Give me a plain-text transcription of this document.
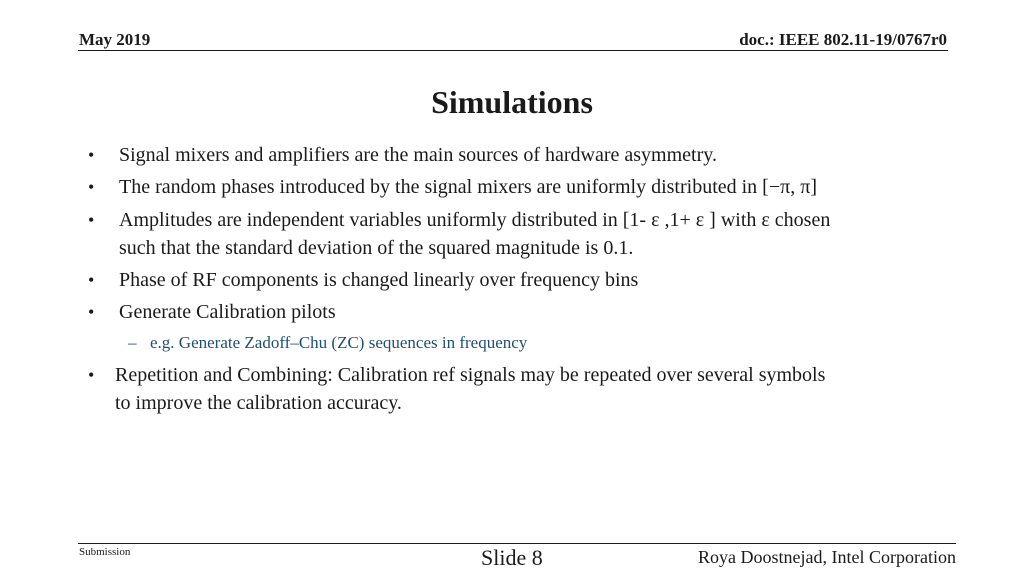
May 2019	doc.: IEEE 802.11-19/0767r0
Simulations
• Signal mixers and amplifiers are the main sources of hardware asymmetry.
• The random phases introduced by the signal mixers are uniformly distributed in [−π, π]
• Amplitudes are independent variables uniformly distributed in [1- ε ,1+ ε ] with ε chosen
such that the standard deviation of the squared magnitude is 0.1.
• Phase of RF components is changed linearly over frequency bins
• Generate Calibration pilots
– e.g. Generate Zadoff–Chu (ZC) sequences in frequency
• Repetition and Combining: Calibration ref signals may be repeated over several symbols
to improve the calibration accuracy.
Submission	Slide 8	Roya Doostnejad, Intel Corporation
